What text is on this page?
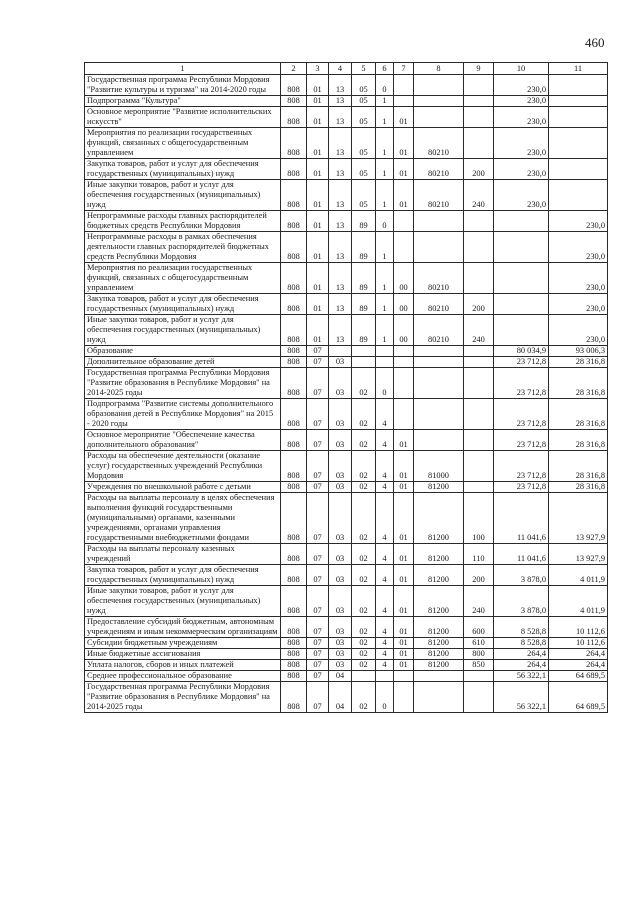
460
1	2	3	4	5	6	7	8	9	10	11
Государственная программа Республики Мордовия "Развитие культуры и туризма" на 2014-2020 годы	808	01	13	05	0				230,0	
Подпрограмма "Культура"	808	01	13	05	1				230,0	
Основное мероприятие "Развитие исполнительских искусств"	808	01	13	05	1	01			230,0	
Мероприятия по реализации государственных функций, связанных с общегосударственным управлением	808	01	13	05	1	01	80210		230,0	
Закупка товаров, работ и услуг для обеспечения государственных (муниципальных) нужд	808	01	13	05	1	01	80210	200	230,0	
Иные закупки товаров, работ и услуг для обеспечения государственных (муниципальных) нужд	808	01	13	05	1	01	80210	240	230,0	
Непрограммные расходы главных распорядителей бюджетных средств Республики Мордовия	808	01	13	89	0					230,0
Непрограммные расходы в рамках обеспечения деятельности главных распорядителей бюджетных средств Республики Мордовия	808	01	13	89	1					230,0
Мероприятия по реализации государственных функций, связанных с общегосударственным управлением	808	01	13	89	1	00	80210			230,0
Закупка товаров, работ и услуг для обеспечения государственных (муниципальных) нужд	808	01	13	89	1	00	80210	200		230,0
Иные закупки товаров, работ и услуг для обеспечения государственных (муниципальных) нужд	808	01	13	89	1	00	80210	240		230,0
Образование	808	07							80 034,9	93 006,3
Дополнительное образование детей	808	07	03						23 712,8	28 316,8
Государственная программа Республики Мордовия "Развитие образования в Республике Мордовия" на 2014-2025 годы	808	07	03	02	0				23 712,8	28 316,8
Подпрограмма "Развитие системы дополнительного образования детей в Республике Мордовия" на 2015 - 2020 годы	808	07	03	02	4				23 712,8	28 316,8
Основное мероприятие "Обеспечение качества дополнительного образования"	808	07	03	02	4	01			23 712,8	28 316,8
Расходы на обеспечение деятельности (оказание услуг) государственных учреждений Республики Мордовия	808	07	03	02	4	01	81000		23 712,8	28 316,8
Учреждения по внешкольной работе с детьми	808	07	03	02	4	01	81200		23 712,8	28 316,8
Расходы на выплаты персоналу в целях обеспечения выполнения функций государственными (муниципальными) органами, казенными учреждениями, органами управления государственными внебюджетными фондами	808	07	03	02	4	01	81200	100	11 041,6	13 927,9
Расходы на выплаты персоналу казенных учреждений	808	07	03	02	4	01	81200	110	11 041,6	13 927,9
Закупка товаров, работ и услуг для обеспечения государственных (муниципальных) нужд	808	07	03	02	4	01	81200	200	3 878,0	4 011,9
Иные закупки товаров, работ и услуг для обеспечения государственных (муниципальных) нужд	808	07	03	02	4	01	81200	240	3 878,0	4 011,9
Предоставление субсидий бюджетным, автономным учреждениям и иным некоммерческим организациям	808	07	03	02	4	01	81200	600	8 528,8	10 112,6
Субсидии бюджетным учреждениям	808	07	03	02	4	01	81200	610	8 528,8	10 112,6
Иные бюджетные ассигнования	808	07	03	02	4	01	81200	800	264,4	264,4
Уплата налогов, сборов и иных платежей	808	07	03	02	4	01	81200	850	264,4	264,4
Среднее профессиональное образование	808	07	04						56 322,1	64 689,5
Государственная программа Республики Мордовия "Развитие образования в Республике Мордовия" на 2014-2025 годы	808	07	04	02	0				56 322,1	64 689,5
